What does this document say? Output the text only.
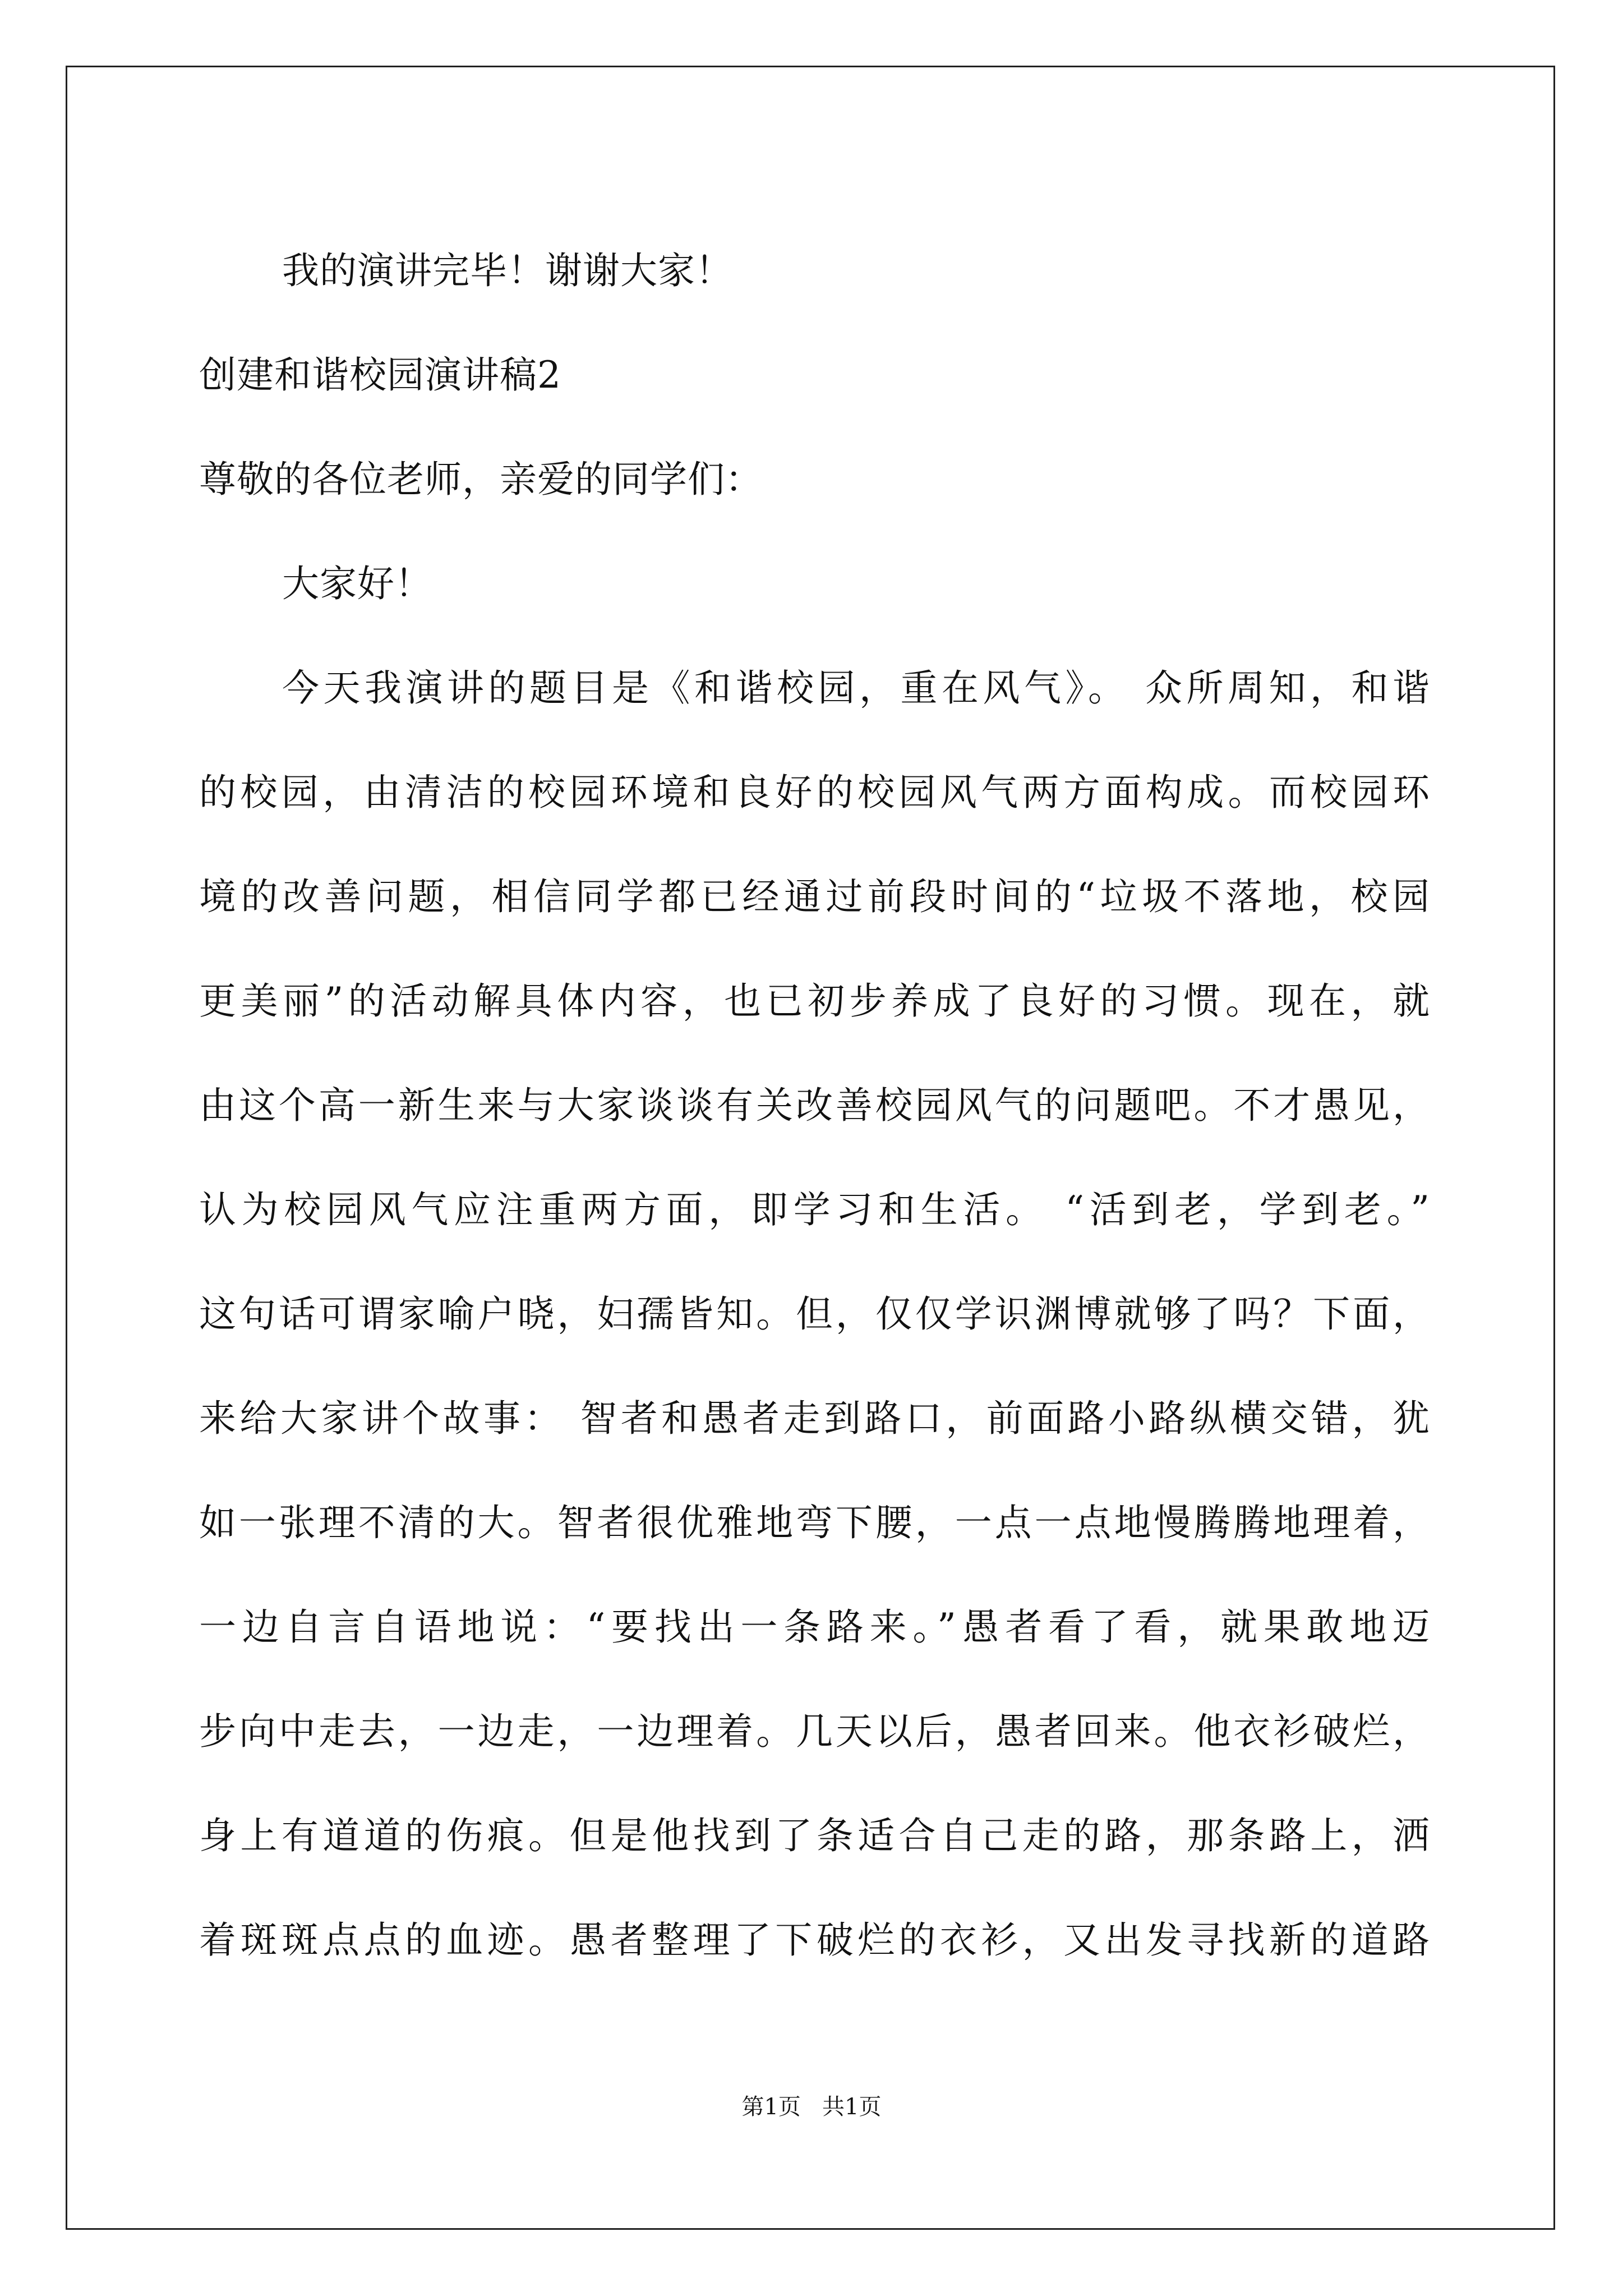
我的演讲完毕！谢谢大家！
创建和谐校园演讲稿2
尊敬的各位老师，亲爱的同学们：
大家好！
今天我演讲的题目是《和谐校园，重在风气》。 众所周知，和谐
的校园，由清洁的校园环境和良好的校园风气两方面构成。而校园环
境的改善问题，相信同学都已经通过前段时间的“垃圾不落地，校园
更美丽”的活动解具体内容，也已初步养成了良好的习惯。现在，就
由这个高一新生来与大家谈谈有关改善校园风气的问题吧。不才愚见，
认为校园风气应注重两方面，即学习和生活。 “活到老，学到老。”
这句话可谓家喻户晓，妇孺皆知。但，仅仅学识渊博就够了吗？下面，
来给大家讲个故事： 智者和愚者走到路口，前面路小路纵横交错，犹
如一张理不清的大。智者很优雅地弯下腰，一点一点地慢腾腾地理着，
一边自言自语地说：“要找出一条路来。”愚者看了看，就果敢地迈
步向中走去，一边走，一边理着。几天以后，愚者回来。他衣衫破烂，
身上有道道的伤痕。但是他找到了条适合自己走的路，那条路上，洒
着斑斑点点的血迹。愚者整理了下破烂的衣衫，又出发寻找新的道路
第1页   共1页
